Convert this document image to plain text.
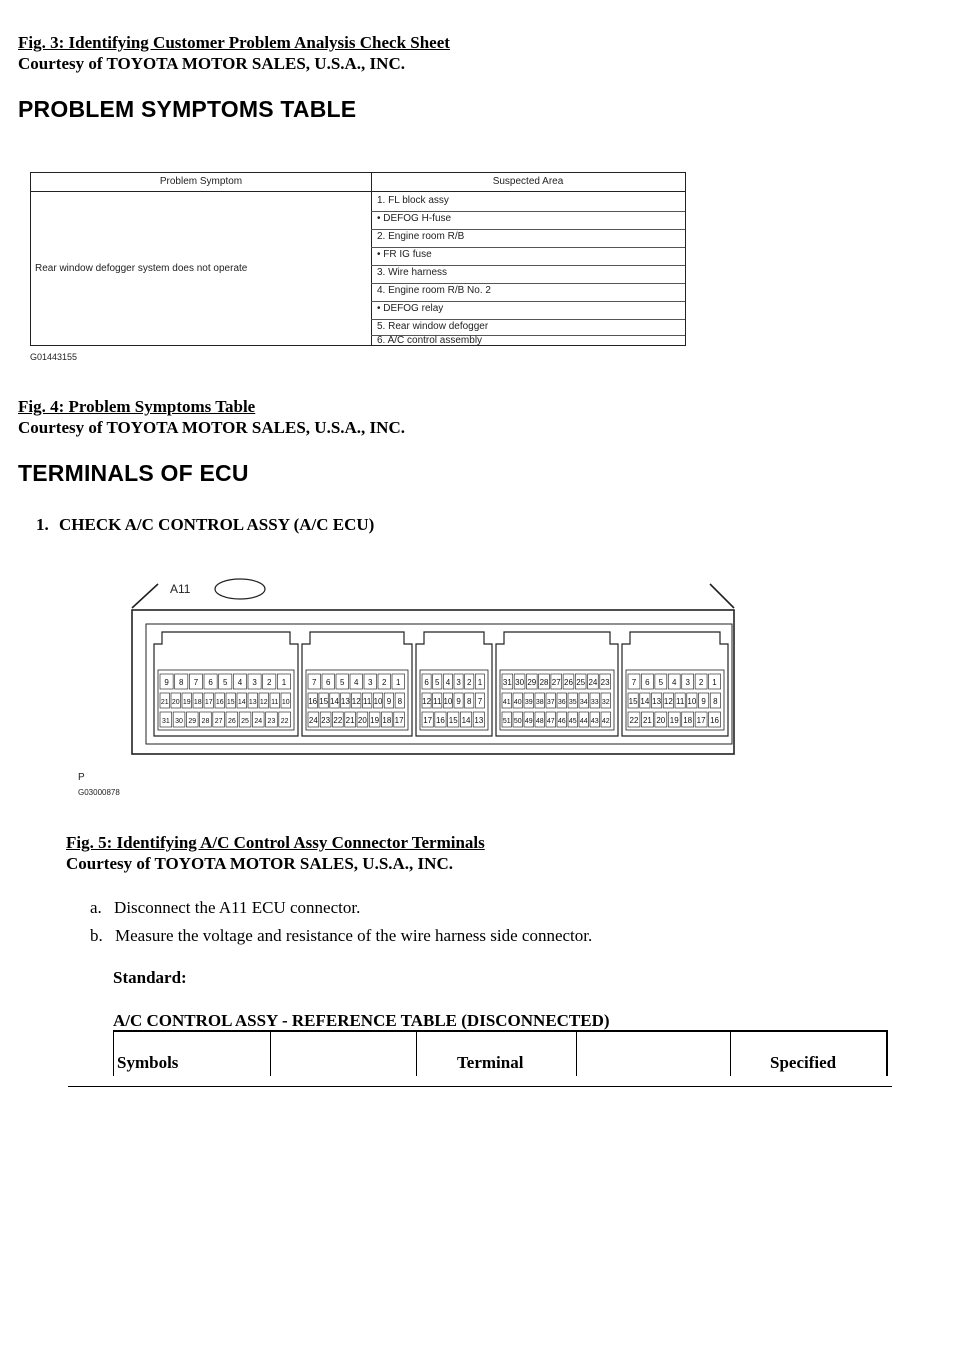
Fig. 3: Identifying Customer Problem Analysis Check Sheet
Courtesy of TOYOTA MOTOR SALES, U.S.A., INC.
PROBLEM SYMPTOMS TABLE
Problem Symptom	Suspected Area
Rear window defogger system does not operate
1. FL block assy
• DEFOG H-fuse
2. Engine room R/B
• FR IG fuse
3. Wire harness
4. Engine room R/B No. 2
• DEFOG relay
5. Rear window defogger
6. A/C control assembly
G01443155
Fig. 4: Problem Symptoms Table
Courtesy of TOYOTA MOTOR SALES, U.S.A., INC.
TERMINALS OF ECU
1. CHECK A/C CONTROL ASSY (A/C ECU)
9 8 7 6 5 4 3 2 1
21 20 19 18 17 16 15 14 13 12 11 10
31 30 29 28 27 26 25 24 23 22
7 6 5 4 3 2 1
16 15 14 13 12 11 10 9 8
24 23 22 21 20 19 18 17
6 5 4 3 2 1
12 11 10 9 8 7
17 16 15 14 13
31 30 29 28 27 26 25 24 23
41 40 39 38 37 36 35 34 33 32
51 50 49 48 47 46 45 44 43 42
7 6 5 4 3 2 1
15 14 13 12 11 10 9 8
22 21 20 19 18 17 16
A11
P
G03000878
Fig. 5: Identifying A/C Control Assy Connector Terminals
Courtesy of TOYOTA MOTOR SALES, U.S.A., INC.
a. Disconnect the A11 ECU connector.
b. Measure the voltage and resistance of the wire harness side connector.
Standard:
A/C CONTROL ASSY - REFERENCE TABLE (DISCONNECTED)
Symbols	Terminal	Specified
